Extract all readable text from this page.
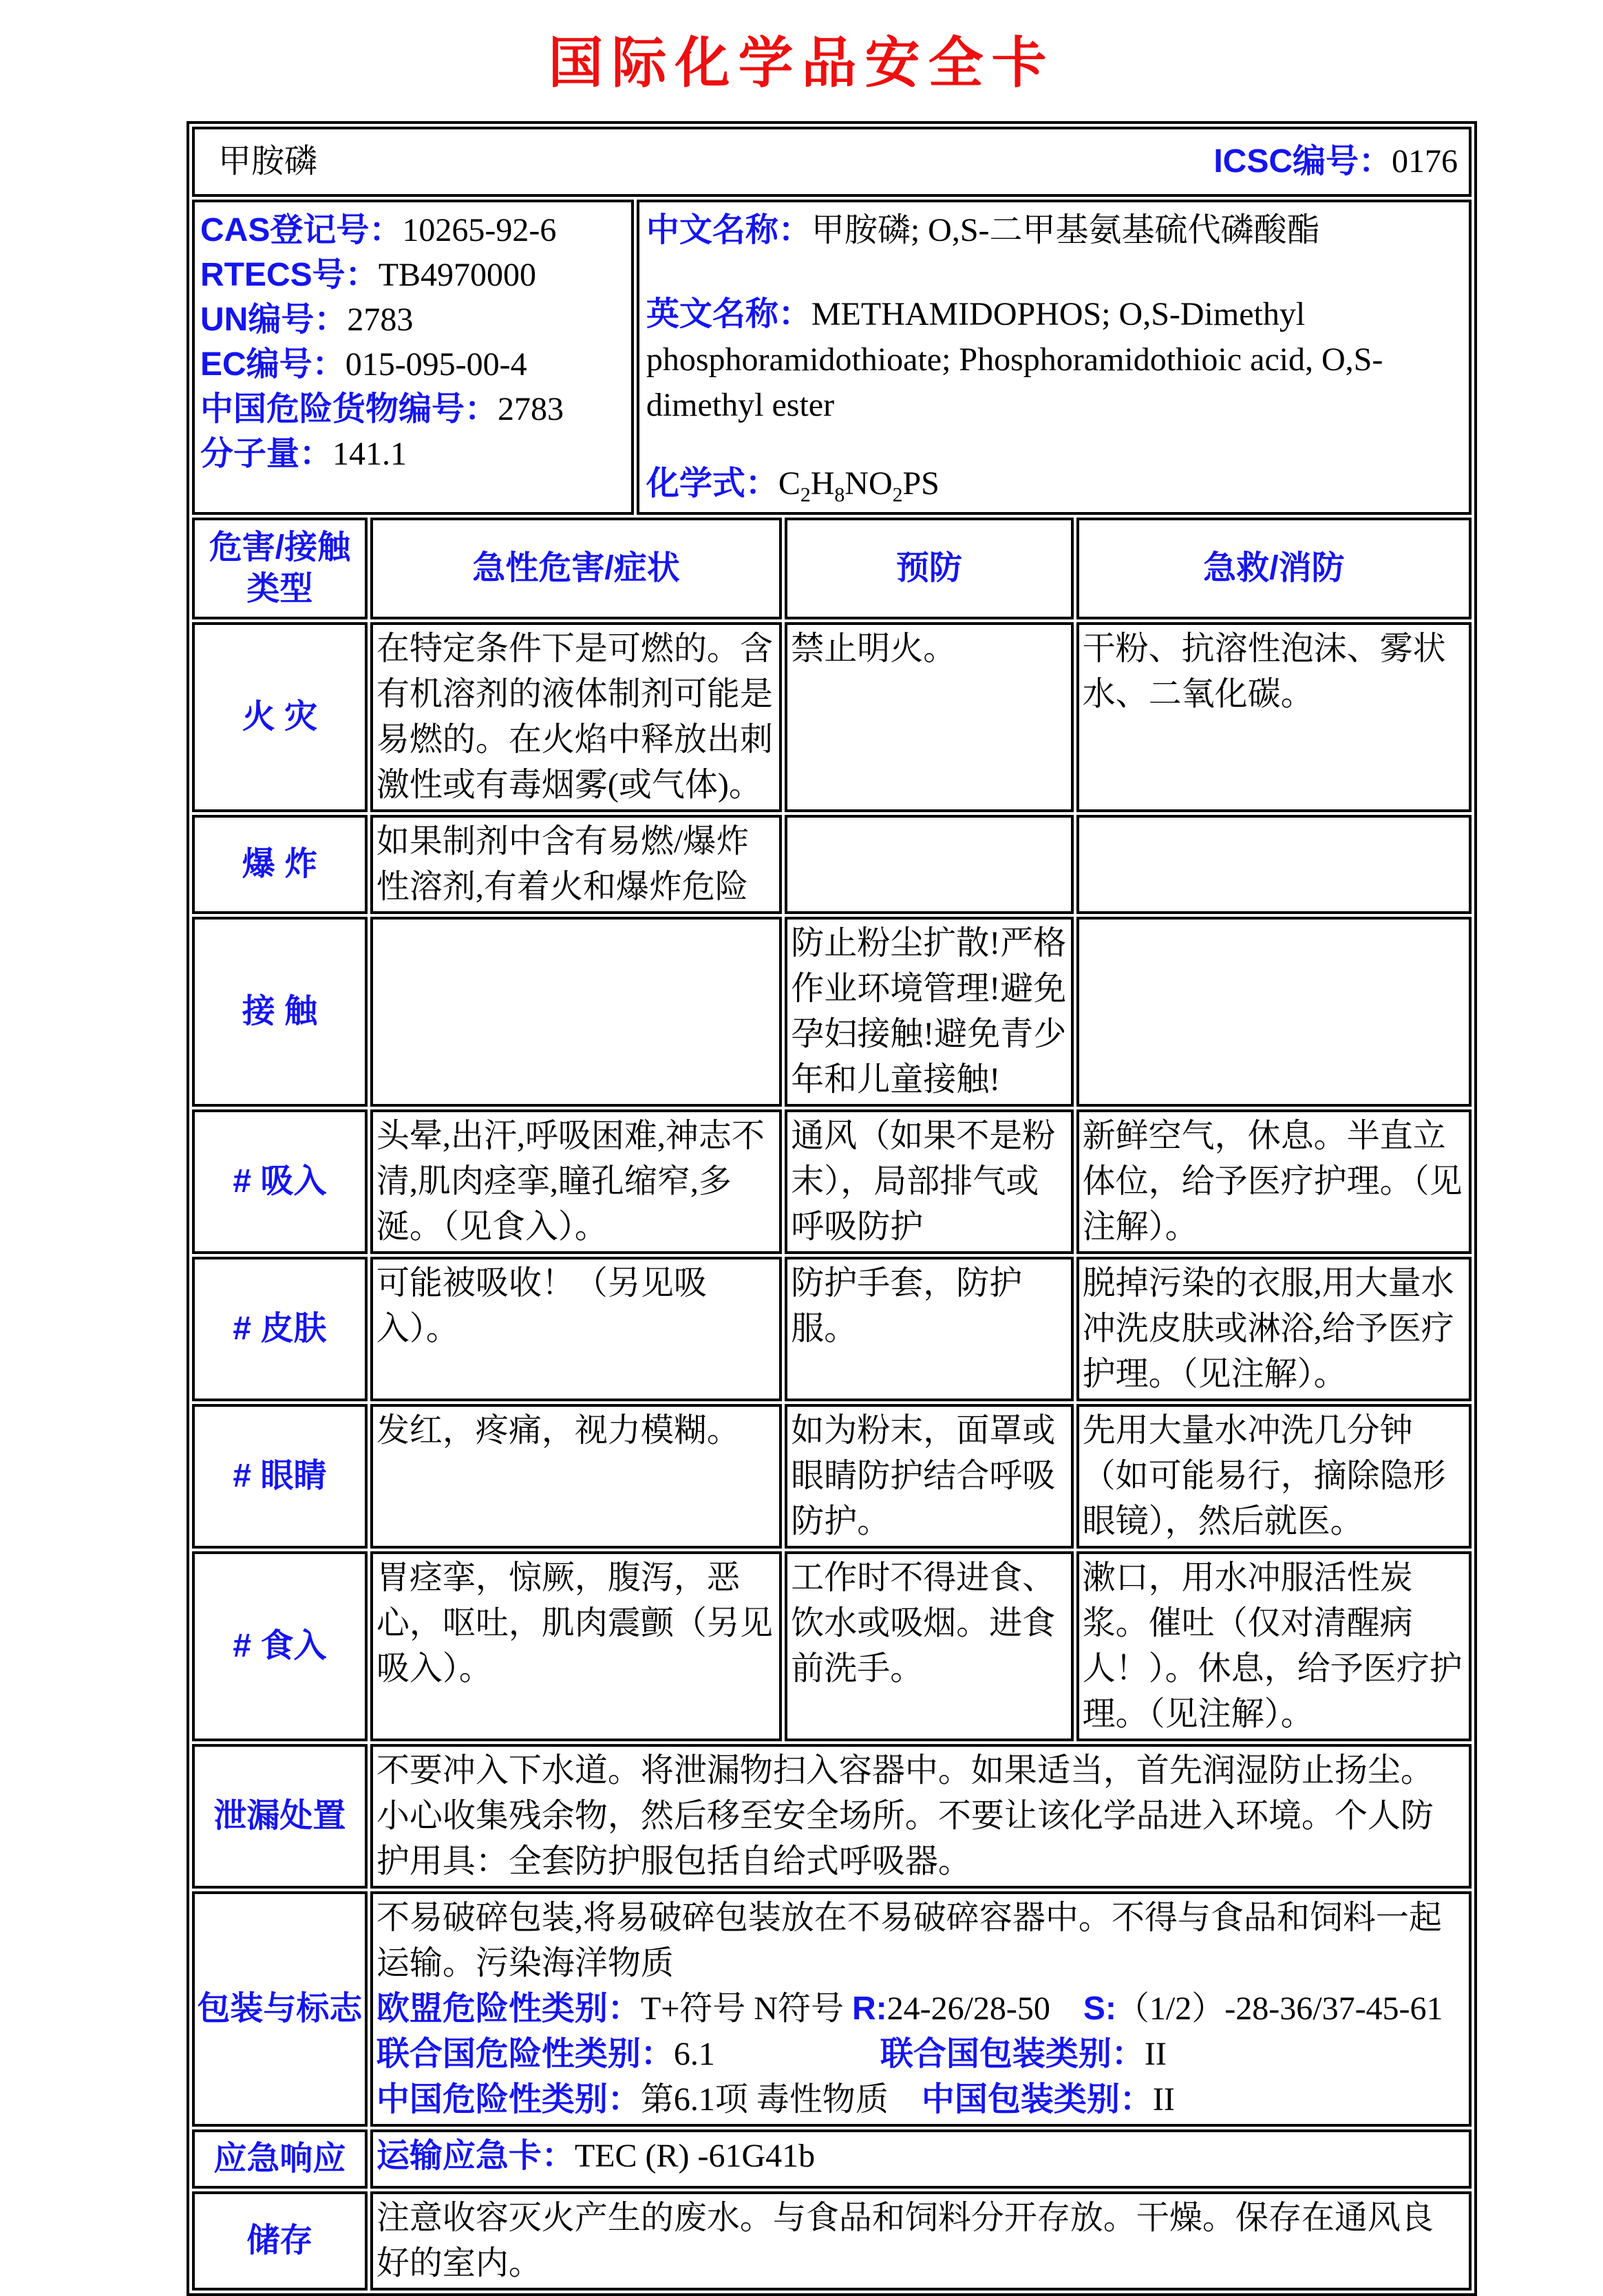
国际化学品安全卡
甲胺磷	ICSC编号：0176
CAS登记号：10265-92-6
RTECS号：TB4970000
UN编号：2783
EC编号：015-095-00-4
中国危险货物编号：2783
分子量：141.1

中文名称：甲胺磷; O,S-二甲基氨基硫代磷酸酯

英文名称：METHAMIDOPHOS; O,S-Dimethyl phosphoramidothioate; Phosphoramidothioic acid, O,S-dimethyl ester

化学式：$C_2H_8NO_2PS$

危害/接触类型	急性危害/症状	预防	急救/消防
火 灾	在特定条件下是可燃的。含有机溶剂的液体制剂可能是易燃的。在火焰中释放出刺激性或有毒烟雾(或气体)。	禁止明火。	干粉、抗溶性泡沫、雾状水、二氧化碳。
爆 炸	如果制剂中含有易燃/爆炸性溶剂,有着火和爆炸危险		
接 触		防止粉尘扩散!严格作业环境管理!避免孕妇接触!避免青少年和儿童接触!	
# 吸入	头晕,出汗,呼吸困难,神志不清,肌肉痉挛,瞳孔缩窄,多涎。（见食入）。	通风（如果不是粉末），局部排气或呼吸防护	新鲜空气，休息。半直立体位，给予医疗护理。（见注解）。
# 皮肤	可能被吸收！（另见吸入）。	防护手套，防护服。	脱掉污染的衣服,用大量水冲洗皮肤或淋浴,给予医疗护理。（见注解）。
# 眼睛	发红，疼痛，视力模糊。	如为粉末，面罩或眼睛防护结合呼吸防护。	先用大量水冲洗几分钟（如可能易行，摘除隐形眼镜），然后就医。
# 食入	胃痉挛，惊厥，腹泻，恶心，呕吐，肌肉震颤（另见吸入）。	工作时不得进食、饮水或吸烟。进食前洗手。	漱口，用水冲服活性炭浆。催吐（仅对清醒病人！）。休息，给予医疗护理。（见注解）。
泄漏处置	不要冲入下水道。将泄漏物扫入容器中。如果适当，首先润湿防止扬尘。小心收集残余物，然后移至安全场所。不要让该化学品进入环境。个人防护用具：全套防护服包括自给式呼吸器。		

包装与标志	不易破碎包装,将易破碎包装放在不易破碎容器中。不得与食品和饲料一起运输。污染海洋物质
欧盟危险性类别：T+符号 N符号 R:24-26/28-50　S:（1/2）-28-36/37-45-61
联合国危险性类别：6.1　　　　　联合国包装类别：II
中国危险性类别：第6.1项 毒性物质　中国包装类别：II		

应急响应	运输应急卡：TEC (R) -61G41b		

储存	注意收容灭火产生的废水。与食品和饲料分开存放。干燥。保存在通风良好的室内。		
